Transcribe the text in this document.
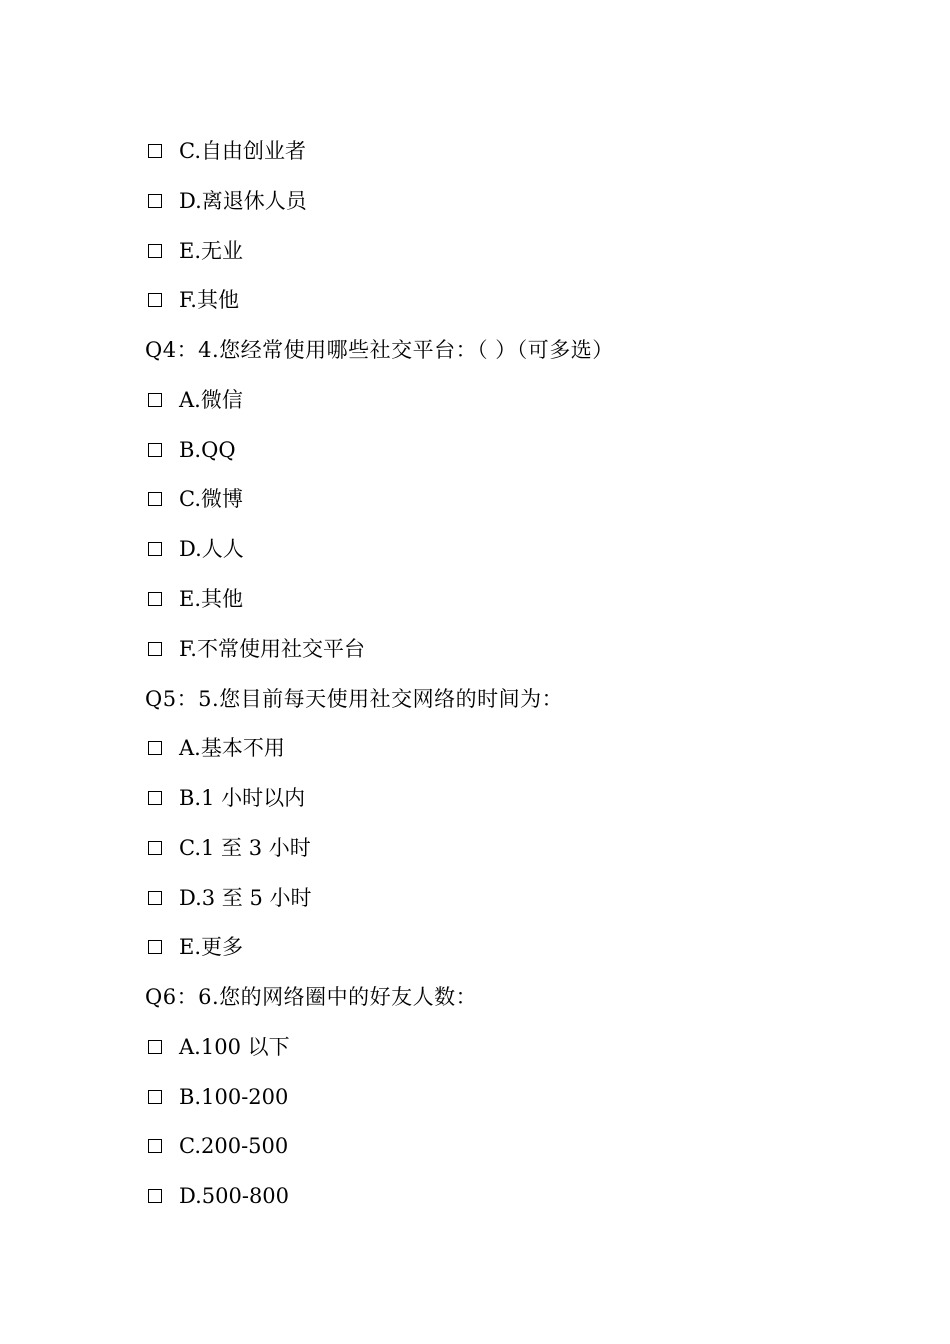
C.自由创业者
D.离退休人员
E.无业
F.其他
Q4：4.您经常使用哪些社交平台：（ ）（可多选）
A.微信
B.QQ
C.微博
D.人人
E.其他
F.不常使用社交平台
Q5：5.您目前每天使用社交网络的时间为：
A.基本不用
B.1 小时以内
C.1 至 3 小时
D.3 至 5 小时
E.更多
Q6：6.您的网络圈中的好友人数：
A.100 以下
B.100-200
C.200-500
D.500-800
